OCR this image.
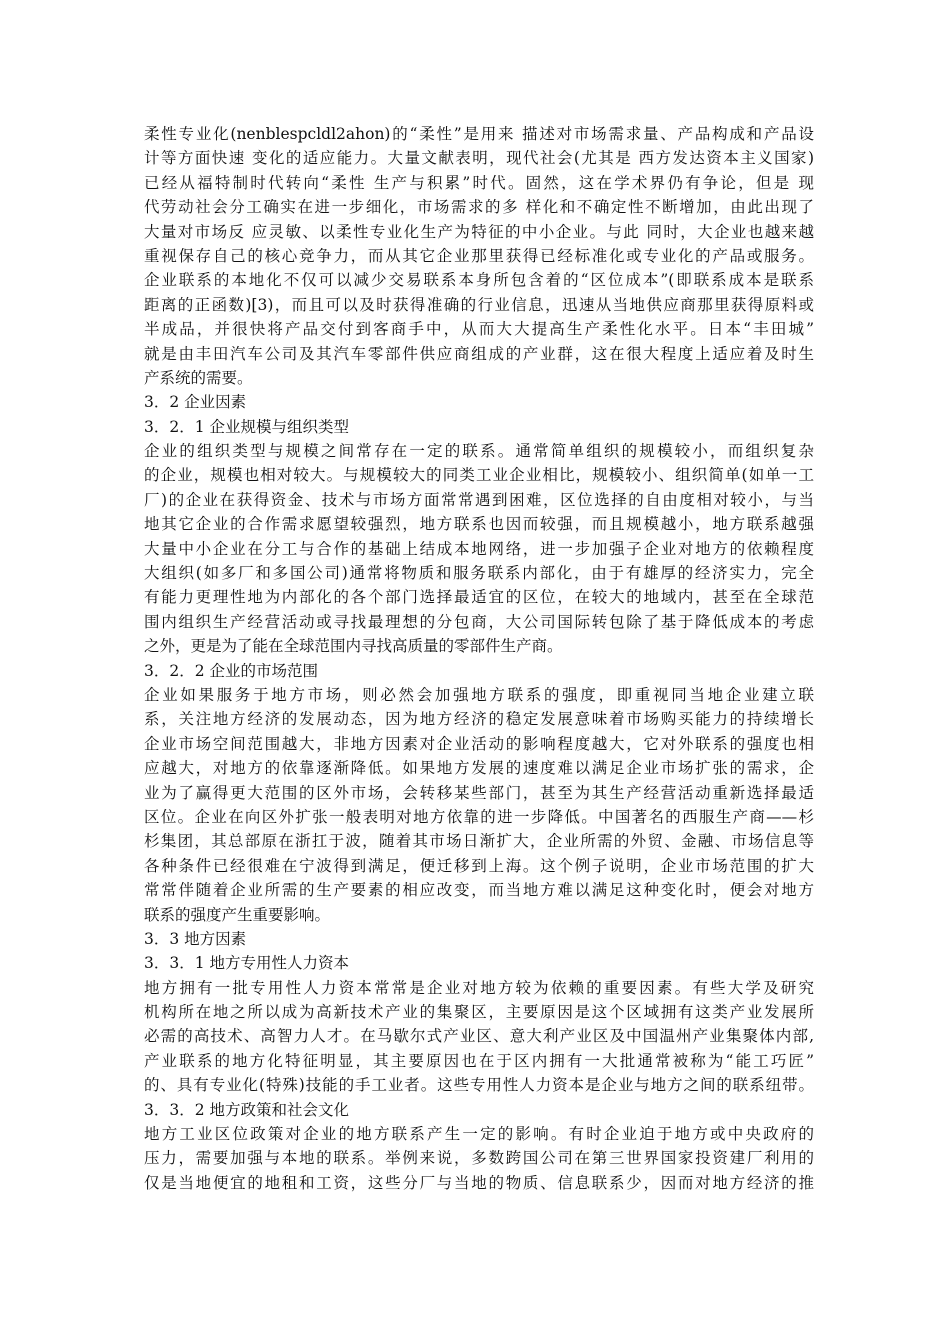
柔性专业化(nenblespcldl2ahon)的“柔性”是用来 描述对市场需求量、产品构成和产品设
计等方面快速 变化的适应能力。大量文献表明，现代社会(尤其是 西方发达资本主义国家)
已经从福特制时代转向“柔性 生产与积累”时代。固然，这在学术界仍有争论，但是 现
代劳动社会分工确实在进一步细化，市场需求的多 样化和不确定性不断增加，由此出现了
大量对市场反 应灵敏、以柔性专业化生产为特征的中小企业。与此 同时，大企业也越来越
重视保存自己的核心竞争力，而从其它企业那里获得已经标准化或专业化的产品或服务。
企业联系的本地化不仅可以减少交易联系本身所包含着的“区位成本”(即联系成本是联系
距离的正函数)[3)，而且可以及时获得准确的行业信息，迅速从当地供应商那里获得原料或
半成品，并很快将产品交付到客商手中，从而大大提高生产柔性化水平。日本“丰田城”
就是由丰田汽车公司及其汽车零部件供应商组成的产业群，这在很大程度上适应着及时生
产系统的需要。
3．2 企业因素
3．2．1 企业规模与组织类型
企业的组织类型与规模之间常存在一定的联系。通常简单组织的规模较小，而组织复杂
的企业，规模也相对较大。与规模较大的同类工业企业相比，规模较小、组织简单(如单一工
厂)的企业在获得资金、技术与市场方面常常遇到困难，区位选择的自由度相对较小，与当
地其它企业的合作需求愿望较强烈，地方联系也因而较强，而且规模越小，地方联系越强
大量中小企业在分工与合作的基础上结成本地网络，进一步加强子企业对地方的依赖程度
大组织(如多厂和多国公司)通常将物质和服务联系内部化，由于有雄厚的经济实力，完全
有能力更理性地为内部化的各个部门选择最适宜的区位，在较大的地域内，甚至在全球范
围内组织生产经营活动或寻找最理想的分包商，大公司国际转包除了基于降低成本的考虑
之外，更是为了能在全球范围内寻找高质量的零部件生产商。
3．2．2 企业的市场范围
企业如果服务于地方市场，则必然会加强地方联系的强度，即重视同当地企业建立联
系，关注地方经济的发展动态，因为地方经济的稳定发展意味着市场购买能力的持续增长
企业市场空间范围越大，非地方因素对企业活动的影响程度越大，它对外联系的强度也相
应越大，对地方的依靠逐渐降低。如果地方发展的速度难以满足企业市场扩张的需求，企
业为了赢得更大范围的区外市场，会转移某些部门，甚至为其生产经营活动重新选择最适
区位。企业在向区外扩张一般表明对地方依靠的进一步降低。中国著名的西服生产商——杉
杉集团，其总部原在浙扛于波，随着其市场日渐扩大，企业所需的外贸、金融、市场信息等
各种条件已经很难在宁波得到满足，便迁移到上海。这个例子说明，企业市场范围的扩大
常常伴随着企业所需的生产要素的相应改变，而当地方难以满足这种变化时，便会对地方
联系的强度产生重要影响。
3．3 地方因素
3．3．1 地方专用性人力资本
地方拥有一批专用性人力资本常常是企业对地方较为依赖的重要因素。有些大学及研究
机构所在地之所以成为高新技术产业的集聚区，主要原因是这个区域拥有这类产业发展所
必需的高技术、高智力人才。在马歇尔式产业区、意大利产业区及中国温州产业集聚体内部,
产业联系的地方化特征明显，其主要原因也在于区内拥有一大批通常被称为“能工巧匠”
的、具有专业化(特殊)技能的手工业者。这些专用性人力资本是企业与地方之间的联系纽带。
3．3．2 地方政策和社会文化
地方工业区位政策对企业的地方联系产生一定的影响。有时企业迫于地方或中央政府的
压力，需要加强与本地的联系。举例来说，多数跨国公司在第三世界国家投资建厂利用的
仅是当地便宜的地租和工资，这些分厂与当地的物质、信息联系少，因而对地方经济的推
